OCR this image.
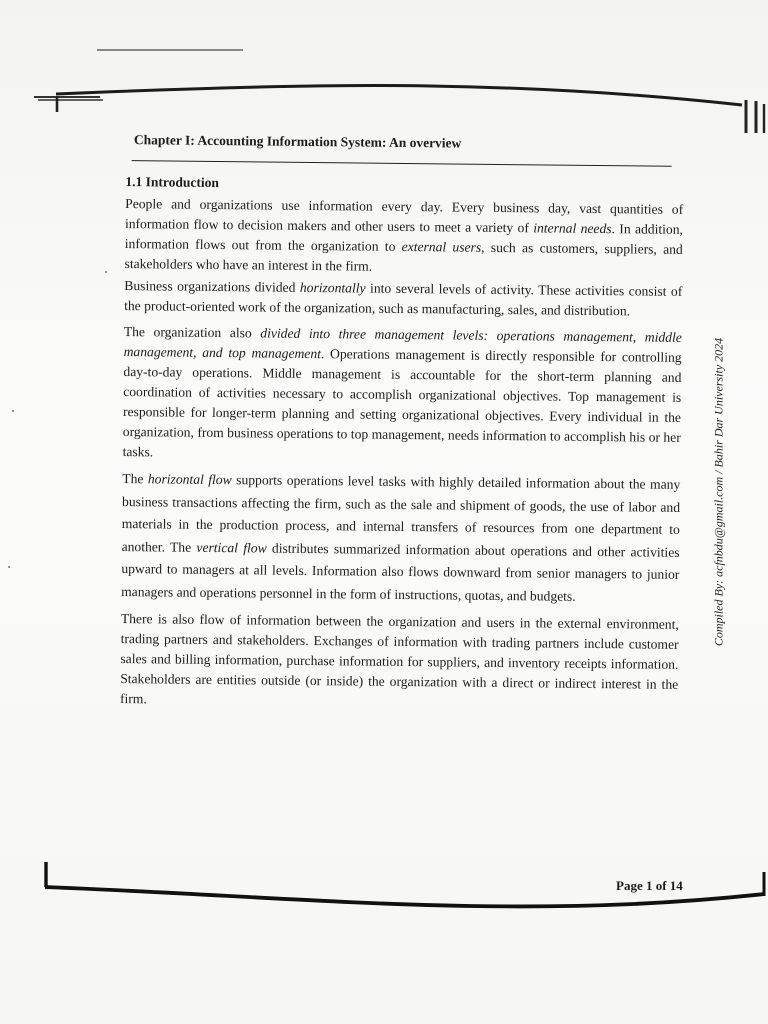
Chapter I: Accounting Information System: An overview
1.1 Introduction

People and organizations use information every day. Every business day, vast quantities of information flow to decision makers and other users to meet a variety of internal needs. In addition, information flows out from the organization to external users, such as customers, suppliers, and stakeholders who have an interest in the firm.

Business organizations divided horizontally into several levels of activity. These activities consist of the product-oriented work of the organization, such as manufacturing, sales, and distribution.

The organization also divided into three management levels: operations management, middle management, and top management. Operations management is directly responsible for controlling day-to-day operations. Middle management is accountable for the short-term planning and coordination of activities necessary to accomplish organizational objectives. Top management is responsible for longer-term planning and setting organizational objectives. Every individual in the organization, from business operations to top management, needs information to accomplish his or her tasks.

The horizontal flow supports operations level tasks with highly detailed information about the many business transactions affecting the firm, such as the sale and shipment of goods, the use of labor and materials in the production process, and internal transfers of resources from one department to another. The vertical flow distributes summarized information about operations and other activities upward to managers at all levels. Information also flows downward from senior managers to junior managers and operations personnel in the form of instructions, quotas, and budgets.

There is also flow of information between the organization and users in the external environment, trading partners and stakeholders. Exchanges of information with trading partners include customer sales and billing information, purchase information for suppliers, and inventory receipts information. Stakeholders are entities outside (or inside) the organization with a direct or indirect interest in the firm.

Compiled By: acfnbdu@gmail.com / Bahir Dar University 2024
Page 1 of 14
